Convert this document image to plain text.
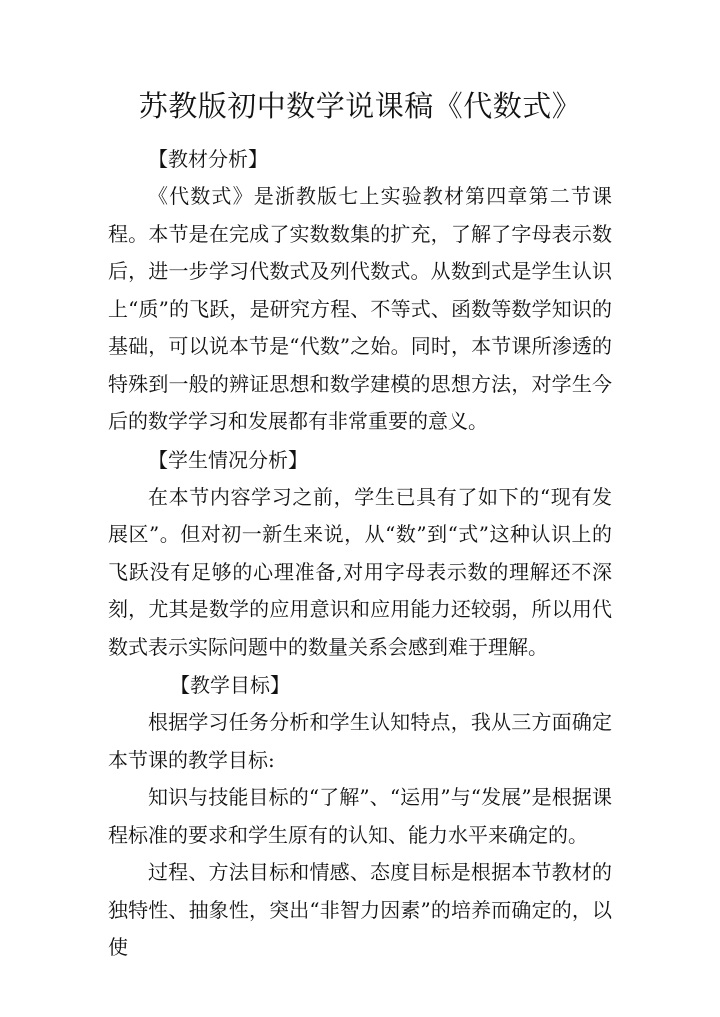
苏教版初中数学说课稿《代数式》
【教材分析】

《代数式》是浙教版七上实验教材第四章第二节课程。本节是在完成了实数数集的扩充，了解了字母表示数后，进一步学习代数式及列代数式。从数到式是学生认识上“质”的飞跃，是研究方程、不等式、函数等数学知识的基础，可以说本节是“代数”之始。同时，本节课所渗透的特殊到一般的辨证思想和数学建模的思想方法，对学生今后的数学学习和发展都有非常重要的意义。

【学生情况分析】

在本节内容学习之前，学生已具有了如下的“现有发展区”。但对初一新生来说，从“数”到“式”这种认识上的飞跃没有足够的心理准备,对用字母表示数的理解还不深刻，尤其是数学的应用意识和应用能力还较弱，所以用代数式表示实际问题中的数量关系会感到难于理解。

【教学目标】

根据学习任务分析和学生认知特点，我从三方面确定本节课的教学目标:

知识与技能目标的“了解”、“运用”与“发展”是根据课程标准的要求和学生原有的认知、能力水平来确定的。

过程、方法目标和情感、态度目标是根据本节教材的独特性、抽象性，突出“非智力因素”的培养而确定的，以使
